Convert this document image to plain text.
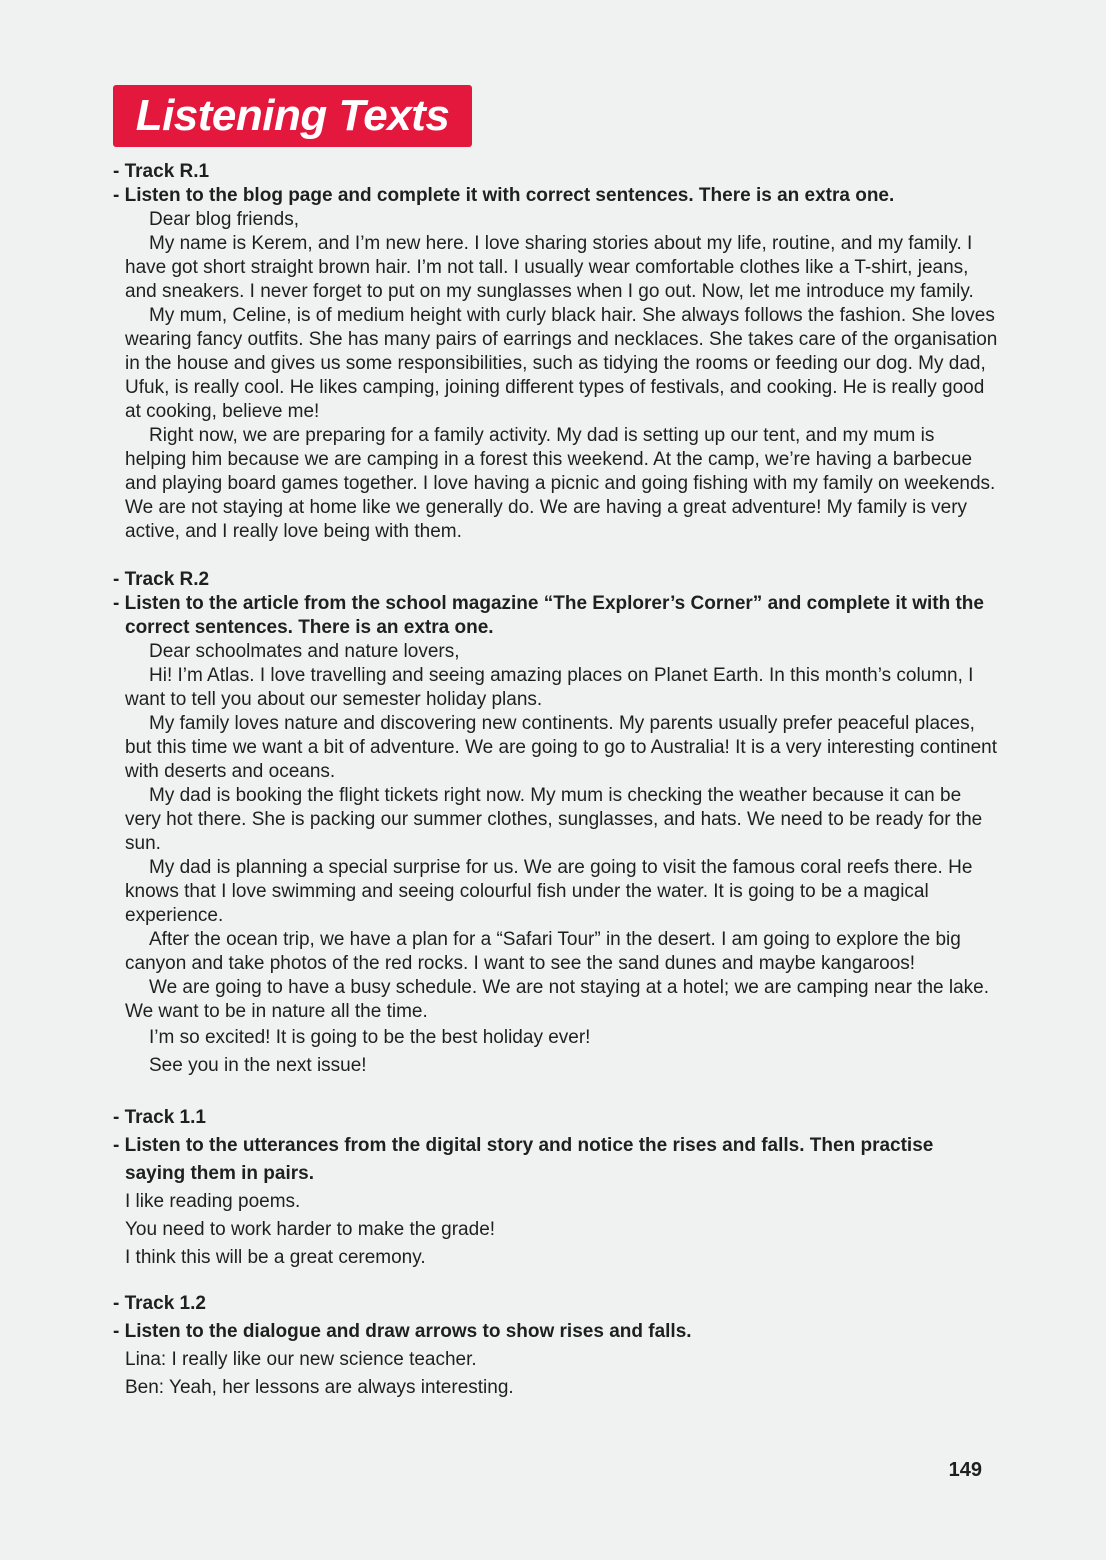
Listening Texts

- Track R.1

- Listen to the blog page and complete it with correct sentences. There is an extra one.

Dear blog friends,

My name is Kerem, and I’m new here. I love sharing stories about my life, routine, and my family. I have got short straight brown hair. I’m not tall. I usually wear comfortable clothes like a T-shirt, jeans, and sneakers. I never forget to put on my sunglasses when I go out. Now, let me introduce my family.

My mum, Celine, is of medium height with curly black hair. She always follows the fashion. She loves wearing fancy outfits. She has many pairs of earrings and necklaces. She takes care of the organisation in the house and gives us some responsibilities, such as tidying the rooms or feeding our dog. My dad, Ufuk, is really cool. He likes camping, joining different types of festivals, and cooking. He is really good at cooking, believe me!

Right now, we are preparing for a family activity. My dad is setting up our tent, and my mum is helping him because we are camping in a forest this weekend. At the camp, we’re having a barbecue and playing board games together. I love having a picnic and going fishing with my family on weekends. We are not staying at home like we generally do. We are having a great adventure! My family is very active, and I really love being with them.

- Track R.2

- Listen to the article from the school magazine “The Explorer’s Corner” and complete it with the correct sentences. There is an extra one.

Dear schoolmates and nature lovers,

Hi! I’m Atlas. I love travelling and seeing amazing places on Planet Earth. In this month’s column, I want to tell you about our semester holiday plans.

My family loves nature and discovering new continents. My parents usually prefer peaceful places, but this time we want a bit of adventure. We are going to go to Australia! It is a very interesting continent with deserts and oceans.

My dad is booking the flight tickets right now. My mum is checking the weather because it can be very hot there. She is packing our summer clothes, sunglasses, and hats. We need to be ready for the sun.

My dad is planning a special surprise for us. We are going to visit the famous coral reefs there. He knows that I love swimming and seeing colourful fish under the water. It is going to be a magical experience.

After the ocean trip, we have a plan for a “Safari Tour” in the desert. I am going to explore the big canyon and take photos of the red rocks. I want to see the sand dunes and maybe kangaroos!

We are going to have a busy schedule. We are not staying at a hotel; we are camping near the lake. We want to be in nature all the time.

I’m so excited! It is going to be the best holiday ever!

See you in the next issue!

- Track 1.1

- Listen to the utterances from the digital story and notice the rises and falls. Then practise saying them in pairs.

I like reading poems.

You need to work harder to make the grade!

I think this will be a great ceremony.

- Track 1.2

- Listen to the dialogue and draw arrows to show rises and falls.

Lina: I really like our new science teacher.

Ben: Yeah, her lessons are always interesting.

149
